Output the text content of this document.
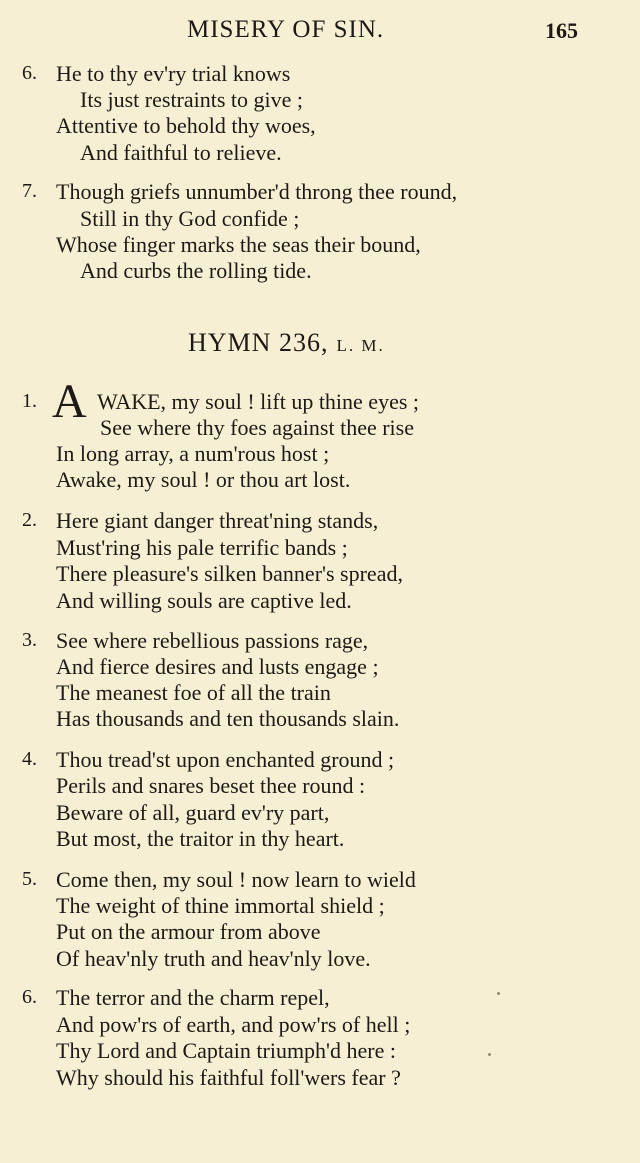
MISERY OF SIN.	165
6. He to thy ev'ry trial knows
Its just restraints to give ;
Attentive to behold thy woes,
And faithful to relieve.
7. Though griefs unnumber'd throng thee round,
Still in thy God confide ;
Whose finger marks the seas their bound,
And curbs the rolling tide.
HYMN 236, L. M.
1. A WAKE, my soul ! lift up thine eyes ;
See where thy foes against thee rise
In long array, a num'rous host ;
Awake, my soul ! or thou art lost.
2. Here giant danger threat'ning stands,
Must'ring his pale terrific bands ;
There pleasure's silken banner's spread,
And willing souls are captive led.
3. See where rebellious passions rage,
And fierce desires and lusts engage ;
The meanest foe of all the train
Has thousands and ten thousands slain.
4. Thou tread'st upon enchanted ground ;
Perils and snares beset thee round :
Beware of all, guard ev'ry part,
But most, the traitor in thy heart.
5. Come then, my soul ! now learn to wield
The weight of thine immortal shield ;
Put on the armour from above
Of heav'nly truth and heav'nly love.
6. The terror and the charm repel,
And pow'rs of earth, and pow'rs of hell ;
Thy Lord and Captain triumph'd here :
Why should his faithful foll'wers fear ?
